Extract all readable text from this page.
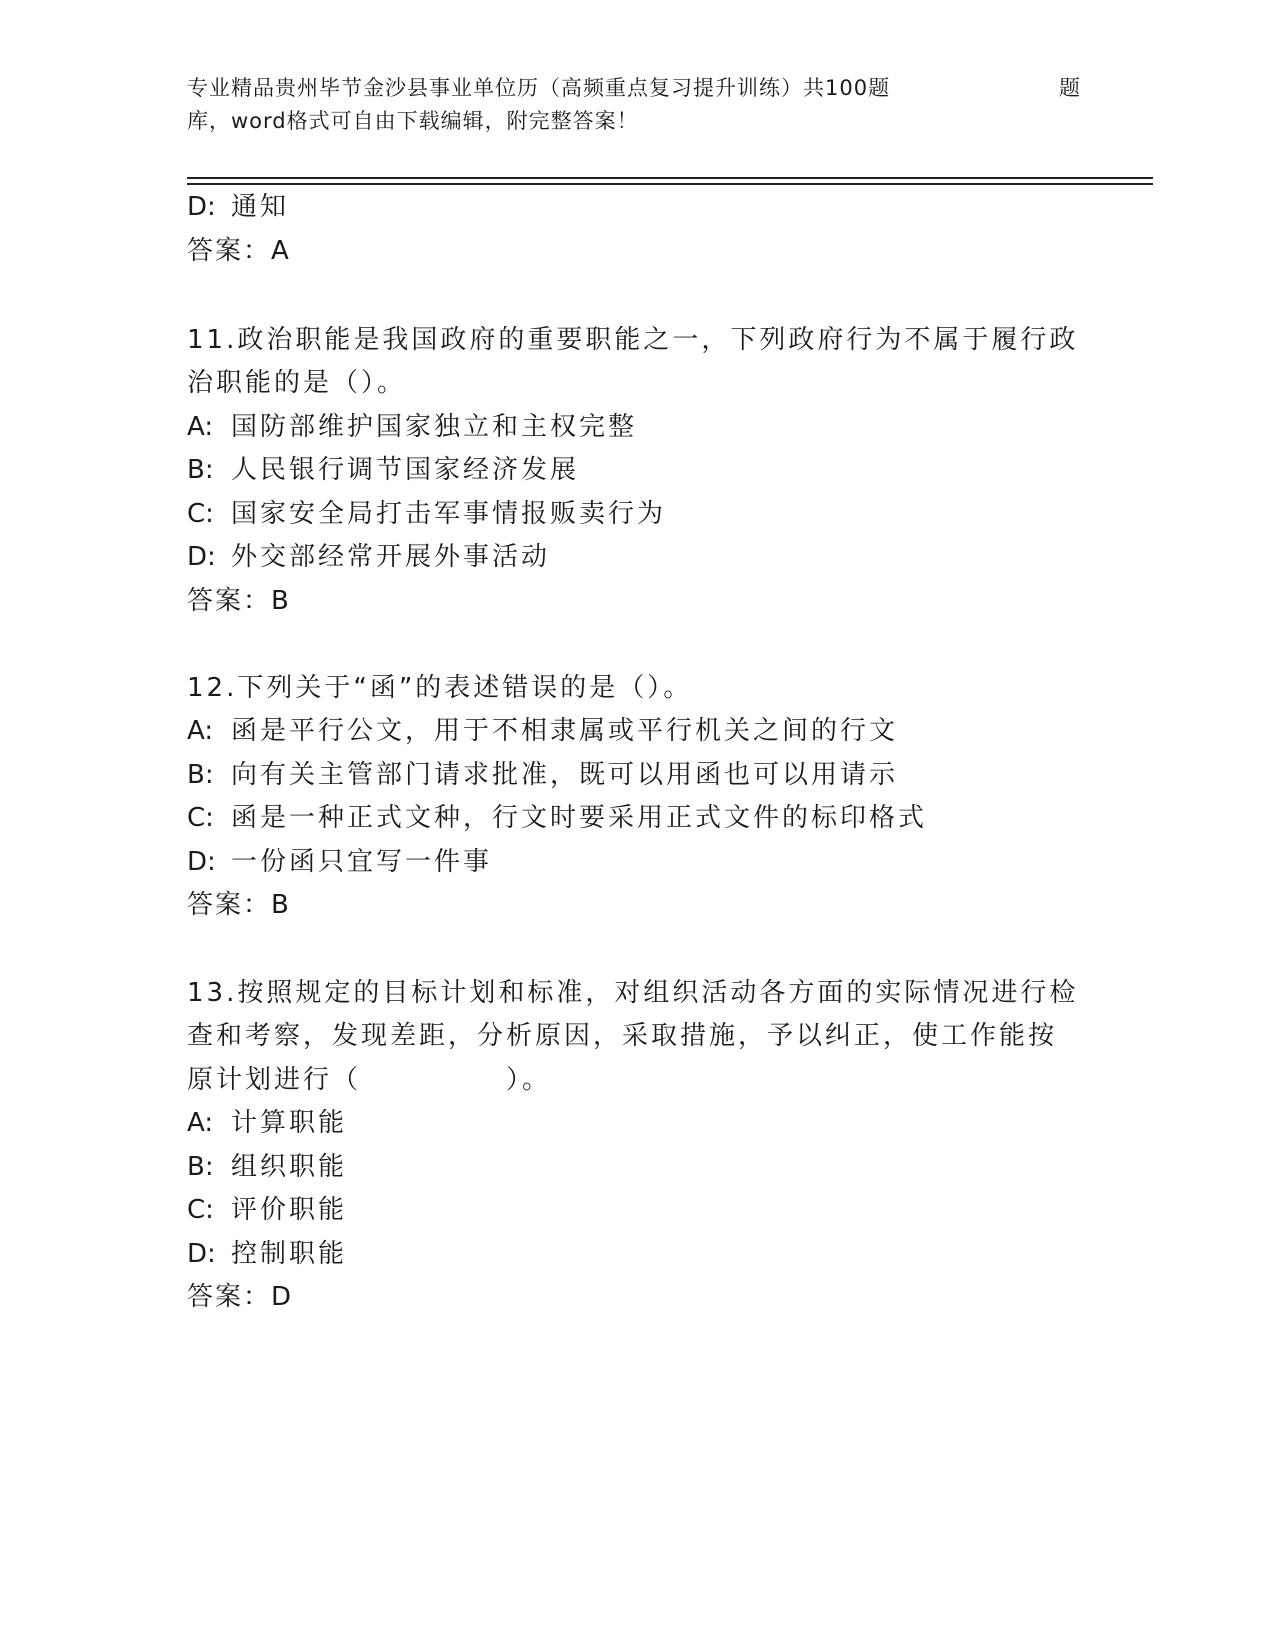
专业精品贵州毕节金沙县事业单位历（高频重点复习提升训练）共100题	题
库，word格式可自由下载编辑，附完整答案！
D: 通知
答案：A
11.政治职能是我国政府的重要职能之一，下列政府行为不属于履行政
治职能的是（）。
A: 国防部维护国家独立和主权完整
B: 人民银行调节国家经济发展
C: 国家安全局打击军事情报贩卖行为
D: 外交部经常开展外事活动
答案：B
12.下列关于“函”的表述错误的是（）。
A: 函是平行公文，用于不相隶属或平行机关之间的行文
B: 向有关主管部门请求批准，既可以用函也可以用请示
C: 函是一种正式文种，行文时要采用正式文件的标印格式
D: 一份函只宜写一件事
答案：B
13.按照规定的目标计划和标准，对组织活动各方面的实际情况进行检
查和考察，发现差距，分析原因，采取措施，予以纠正，使工作能按
原计划进行（　　　　　）。
A: 计算职能
B: 组织职能
C: 评价职能
D: 控制职能
答案：D
